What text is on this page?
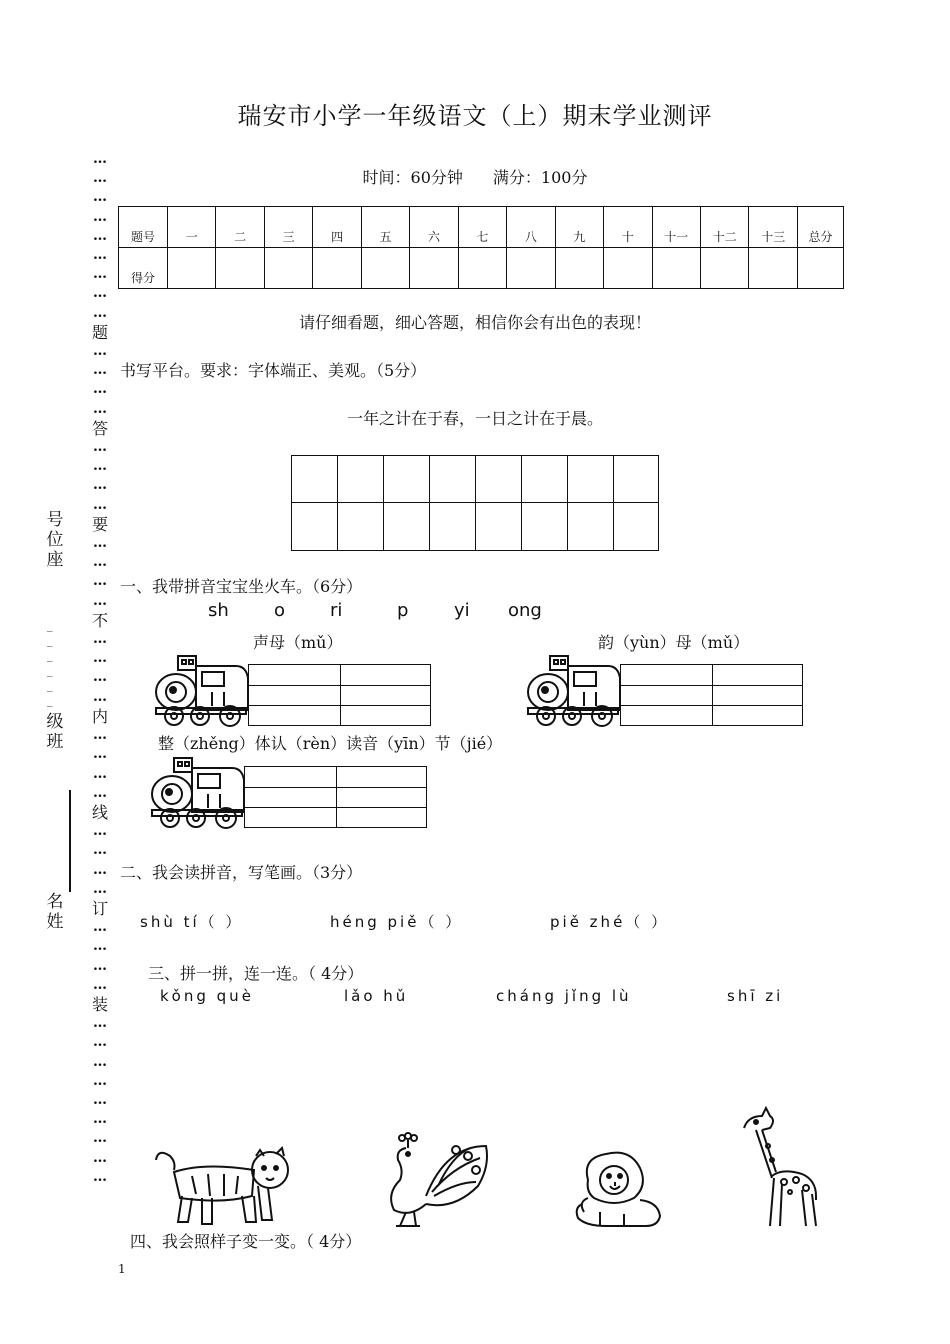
瑞安市小学一年级语文（上）期末学业测评
时间：60分钟 满分：100分
…
…
…
…
…
…
…
…
…
题
…
…
…
…
答
…
…
…
…
要
…
…
…
…
不
…
…
…
…
内
…
…
…
…
线
…
…
…
…
订
…
…
…
…
装
…
…
…
…
…
…
…
…
…
号
位
座
_
_
_
_
_
_
级
班
名
姓
题号	一	二	三	四	五	六	七	八	九	十	十一	十二	十三	总分
得分														
请仔细看题，细心答题，相信你会有出色的表现！
书写平台。要求：字体端正、美观。（5分）
一年之计在于春，一日之计在于晨。
一、我带拼音宝宝坐火车。（6分）
sh	o ri	p	yi ong
声母（mǔ）	韵（yùn）母（mǔ）
整（zhěng）体认（rèn）读音（yīn）节（jié）
二、我会读拼音，写笔画。（3分）
shù tí（ ）	héng piě（ ）	piě zhé（ ）
三、拼一拼，连一连。（ 4分）
kǒng què	lǎo hǔ	cháng jǐng lù	shī zi
四、我会照样子变一变。（ 4分）
1
